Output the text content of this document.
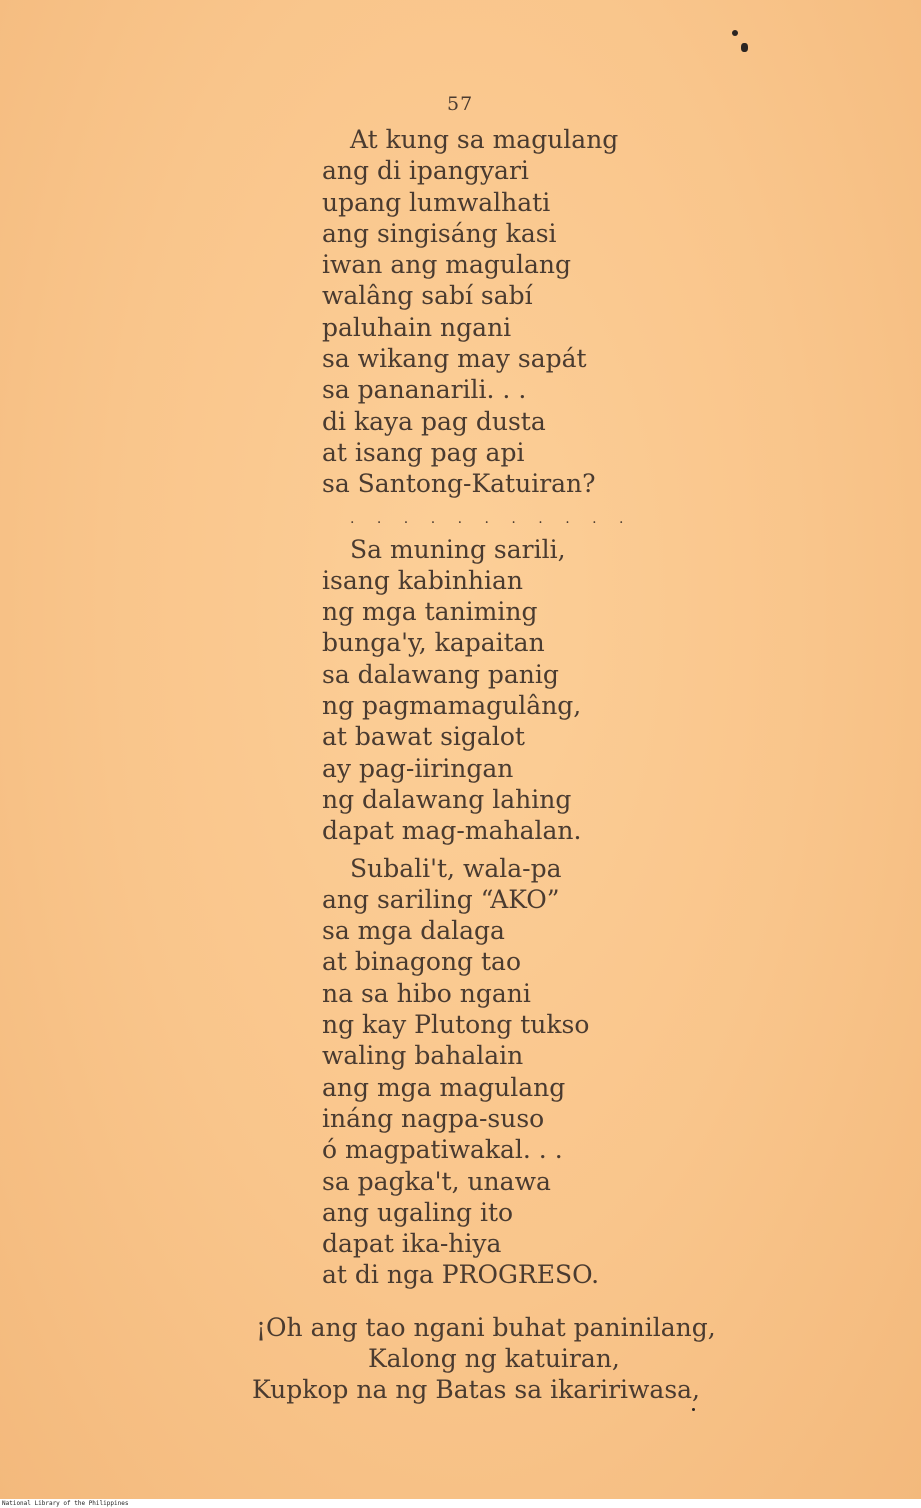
57
At kung sa magulang
ang di ipangyari
upang lumwalhati
ang singisáng kasi
iwan ang magulang
walâng sabí sabí
paluhain ngani
sa wikang may sapát
sa pananarili. . .
di kaya pag dusta
at isang pag api
sa Santong-Katuiran?
. . . . . . . . . . .
Sa muning sarili,
isang kabinhian
ng mga taniming
bunga'y, kapaitan
sa dalawang panig
ng pagmamagulâng,
at bawat sigalot
ay pag-iiringan
ng dalawang lahing
dapat mag-mahalan.
Subali't, wala-pa
ang sariling “AKO”
sa mga dalaga
at binagong tao
na sa hibo ngani
ng kay Plutong tukso
waling bahalain
ang mga magulang
ináng nagpa-suso
ó magpatiwakal. . .
sa pagka't, unawa
ang ugaling ito
dapat ika-hiya
at di nga PROGRESO.
¡Oh ang tao ngani buhat paninilang,
Kalong ng katuiran,
Kupkop na ng Batas sa ikaririwasa,
National Library of the Philippines
